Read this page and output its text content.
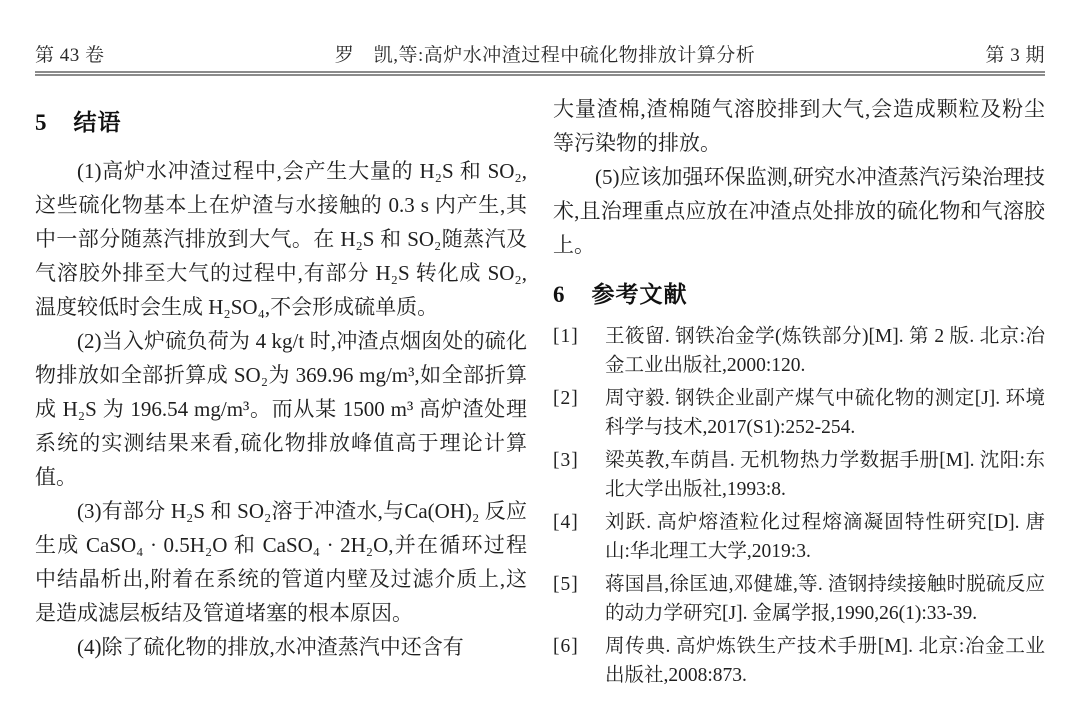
第 43 卷	罗　凯,等:高炉水冲渣过程中硫化物排放计算分析	第 3 期
5 结语

(1)高炉水冲渣过程中,会产生大量的 H₂S 和 SO₂,这些硫化物基本上在炉渣与水接触的 0.3 s 内产生,其中一部分随蒸汽排放到大气。在 H₂S 和 SO₂随蒸汽及气溶胶外排至大气的过程中,有部分 H₂S 转化成 SO₂,温度较低时会生成 H₂SO₄,不会形成硫单质。

(2)当入炉硫负荷为 4 kg/t 时,冲渣点烟囱处的硫化物排放如全部折算成 SO₂为 369.96 mg/m³,如全部折算成 H₂S 为 196.54 mg/m³。而从某 1500 m³ 高炉渣处理系统的实测结果来看,硫化物排放峰值高于理论计算值。

(3)有部分 H₂S 和 SO₂溶于冲渣水,与Ca(OH)₂ 反应生成 CaSO₄ · 0.5H₂O 和 CaSO₄ · 2H₂O,并在循环过程中结晶析出,附着在系统的管道内壁及过滤介质上,这是造成滤层板结及管道堵塞的根本原因。

(4)除了硫化物的排放,水冲渣蒸汽中还含有

大量渣棉,渣棉随气溶胶排到大气,会造成颗粒及粉尘等污染物的排放。

(5)应该加强环保监测,研究水冲渣蒸汽污染治理技术,且治理重点应放在冲渣点处排放的硫化物和气溶胶上。

6 参考文献
[1]	王筱留. 钢铁冶金学(炼铁部分)[M]. 第 2 版. 北京:冶金工业出版社,2000:120.
[2]	周守毅. 钢铁企业副产煤气中硫化物的测定[J]. 环境科学与技术,2017(S1):252-254.
[3]	梁英教,车荫昌. 无机物热力学数据手册[M]. 沈阳:东北大学出版社,1993:8.
[4]	刘跃. 高炉熔渣粒化过程熔滴凝固特性研究[D]. 唐山:华北理工大学,2019:3.
[5]	蒋国昌,徐匡迪,邓健雄,等. 渣钢持续接触时脱硫反应的动力学研究[J]. 金属学报,1990,26(1):33-39.
[6]	周传典. 高炉炼铁生产技术手册[M]. 北京:冶金工业出版社,2008:873.
